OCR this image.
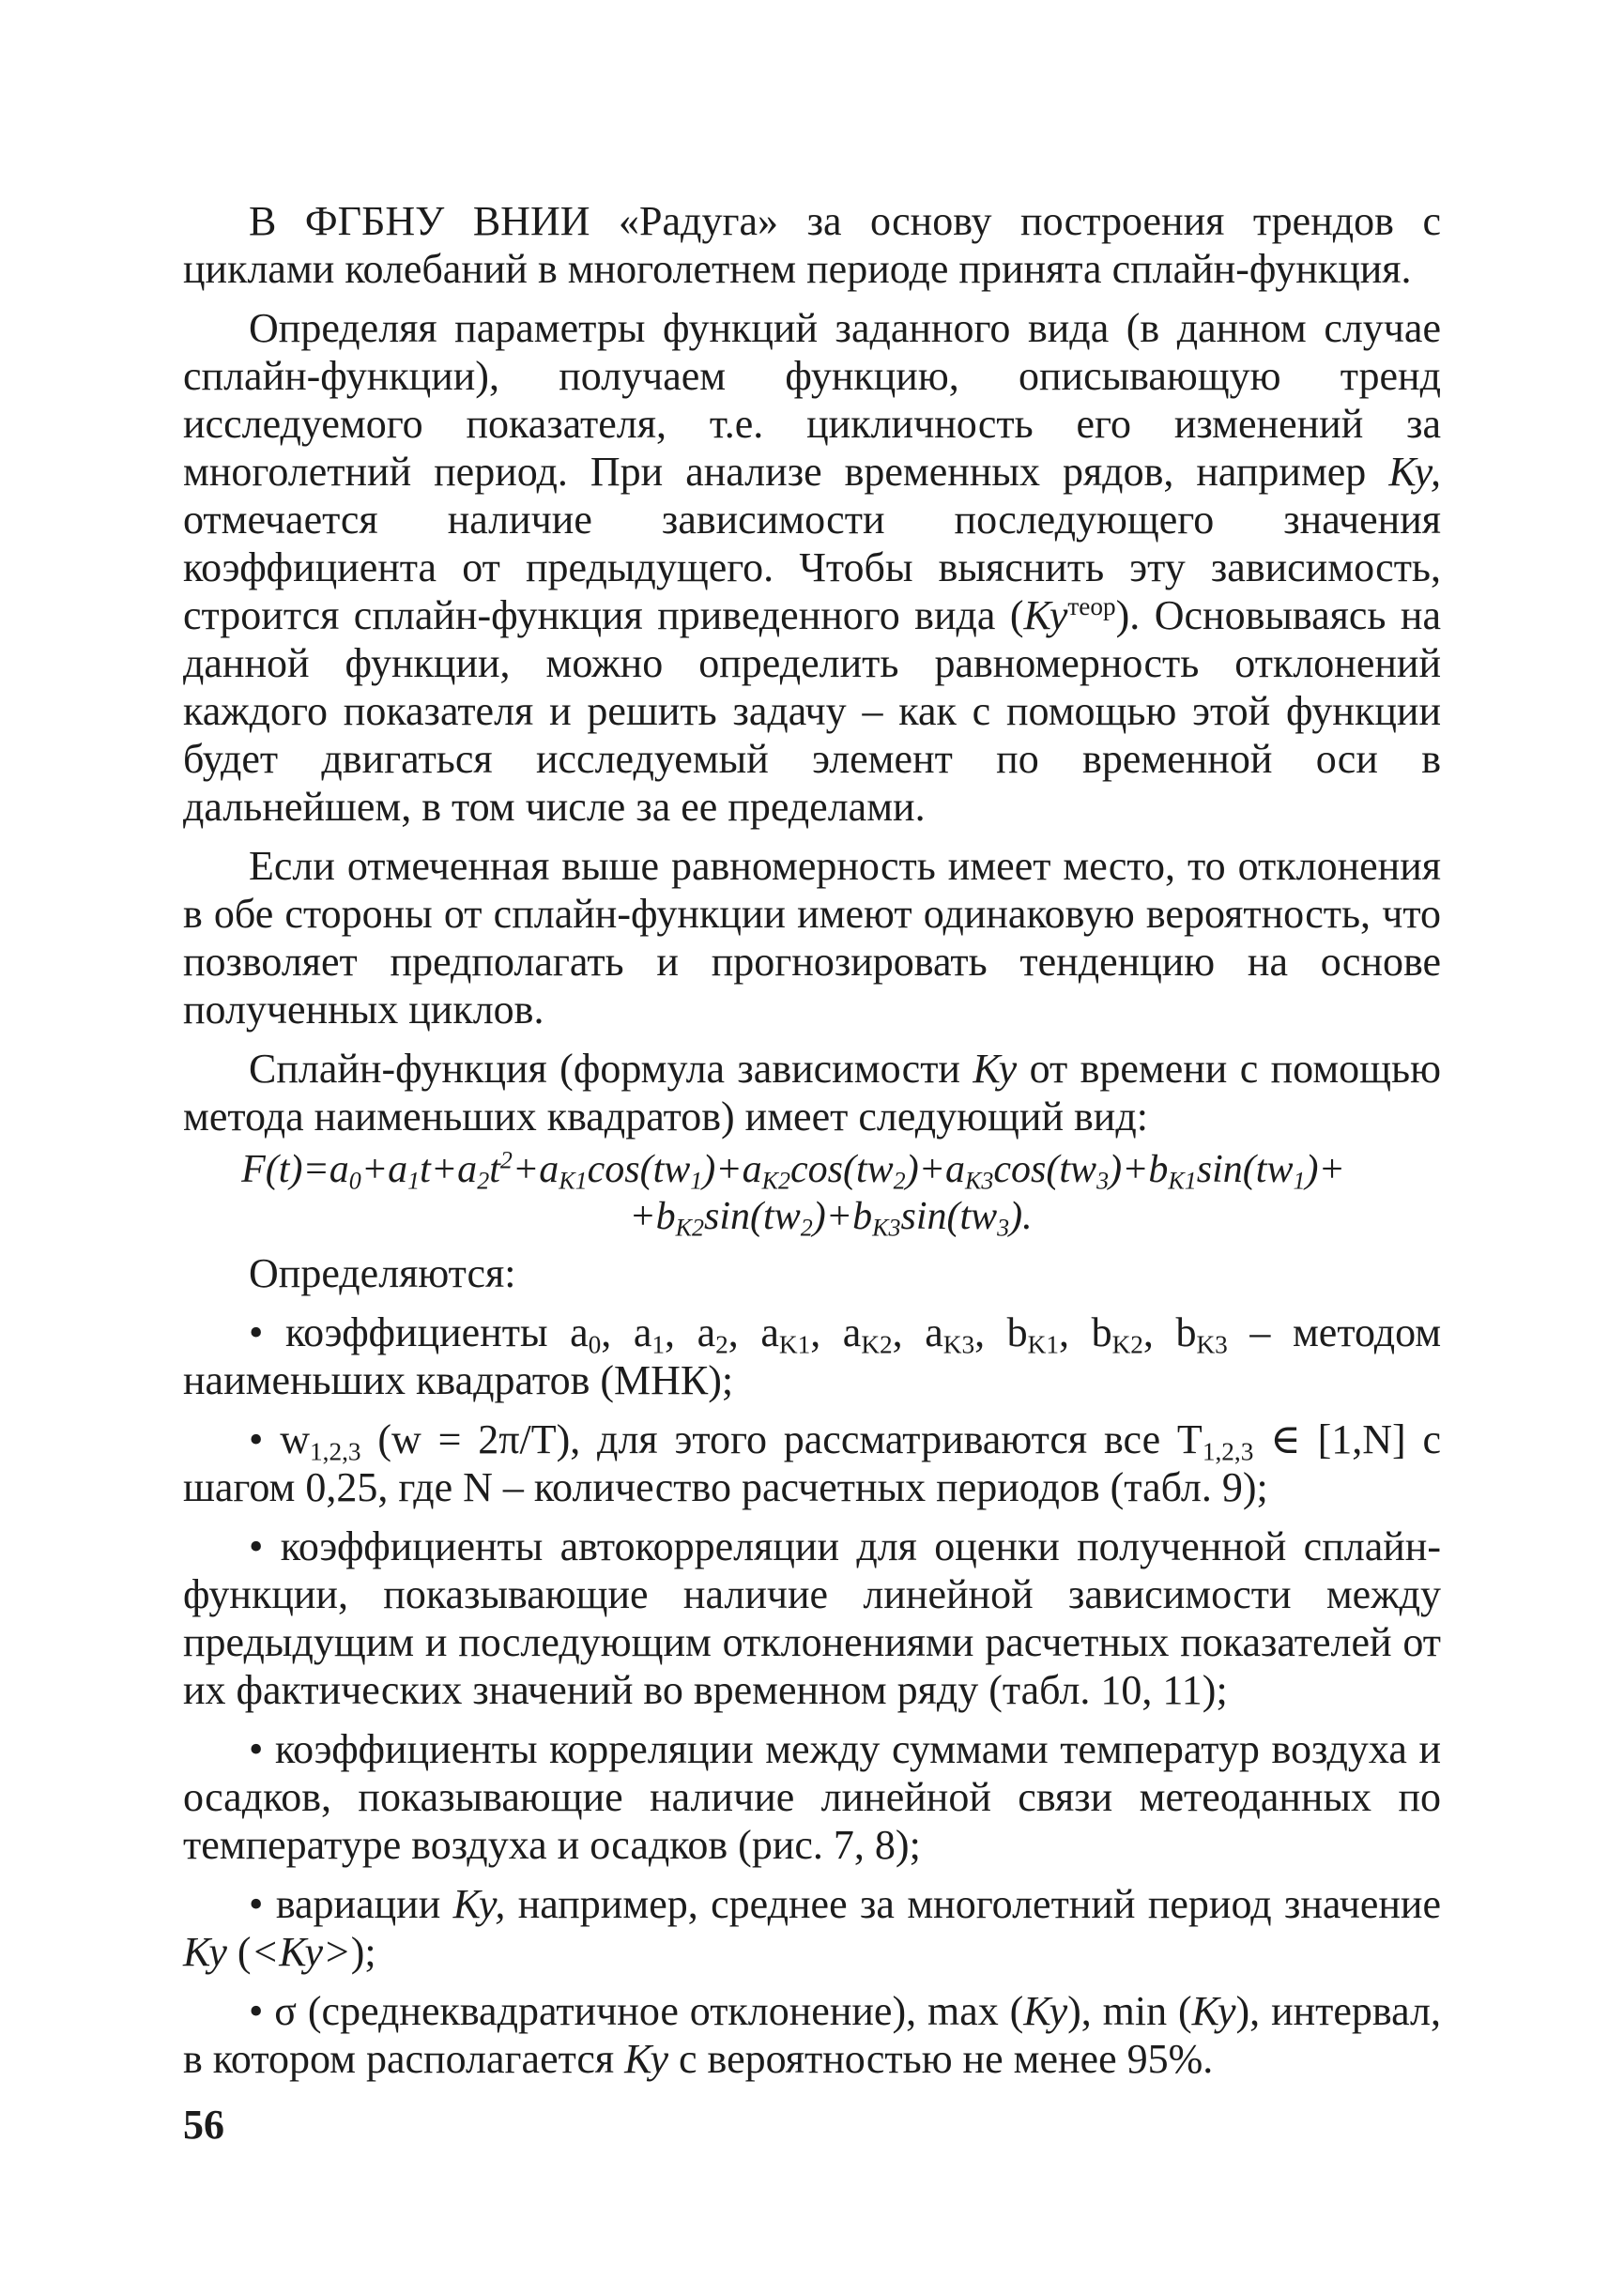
В ФГБНУ ВНИИ «Радуга» за основу построения трендов с циклами колебаний в многолетнем периоде принята сплайн-функция.

Определяя параметры функций заданного вида (в данном случае сплайн-функции), получаем функцию, описывающую тренд исследуемого показателя, т.е. цикличность его изменений за многолетний период. При анализе временных рядов, например Ку, отмечается наличие зависимости последующего значения коэффициента от предыдущего. Чтобы выяснить эту зависимость, строится сплайн-функция приведенного вида $(Ку^{теор})$. Основываясь на данной функции, можно определить равномерность отклонений каждого показателя и решить задачу – как с помощью этой функции будет двигаться исследуемый элемент по временной оси в дальнейшем, в том числе за ее пределами.

Если отмеченная выше равномерность имеет место, то отклонения в обе стороны от сплайн-функции имеют одинаковую вероятность, что позволяет предполагать и прогнозировать тенденцию на основе полученных циклов.

Сплайн-функция (формула зависимости Ку от времени с помощью метода наименьших квадратов) имеет следующий вид:

$F(t)=a_0+a_1t+a_2t^2+a_{K1}\cos(tw_1)+a_{K2}\cos(tw_2)+a_{K3}\cos(tw_3)+b_{K1}\sin(tw_1)+$
$+b_{K2}\sin(tw_2)+b_{K3}\sin(tw_3)$.

Определяются:

• коэффициенты $a_0$, $a_1$, $a_2$, $a_{K1}$, $a_{K2}$, $a_{K3}$, $b_{K1}$, $b_{K2}$, $b_{K3}$ – методом наименьших квадратов (МНК);

• $w_{1,2,3}$ (w = 2π/T), для этого рассматриваются все $T_{1,2,3}$ ∈ [1,N] с шагом 0,25, где N – количество расчетных периодов (табл. 9);

• коэффициенты автокорреляции для оценки полученной сплайн-функции, показывающие наличие линейной зависимости между предыдущим и последующим отклонениями расчетных показателей от их фактических значений во временном ряду (табл. 10, 11);

• коэффициенты корреляции между суммами температур воздуха и осадков, показывающие наличие линейной связи метеоданных по температуре воздуха и осадков (рис. 7, 8);

• вариации Ку, например, среднее за многолетний период значение Ку (<Ку>);

• σ (среднеквадратичное отклонение), max (Ку), min (Ку), интервал, в котором располагается Ку с вероятностью не менее 95%.

56
